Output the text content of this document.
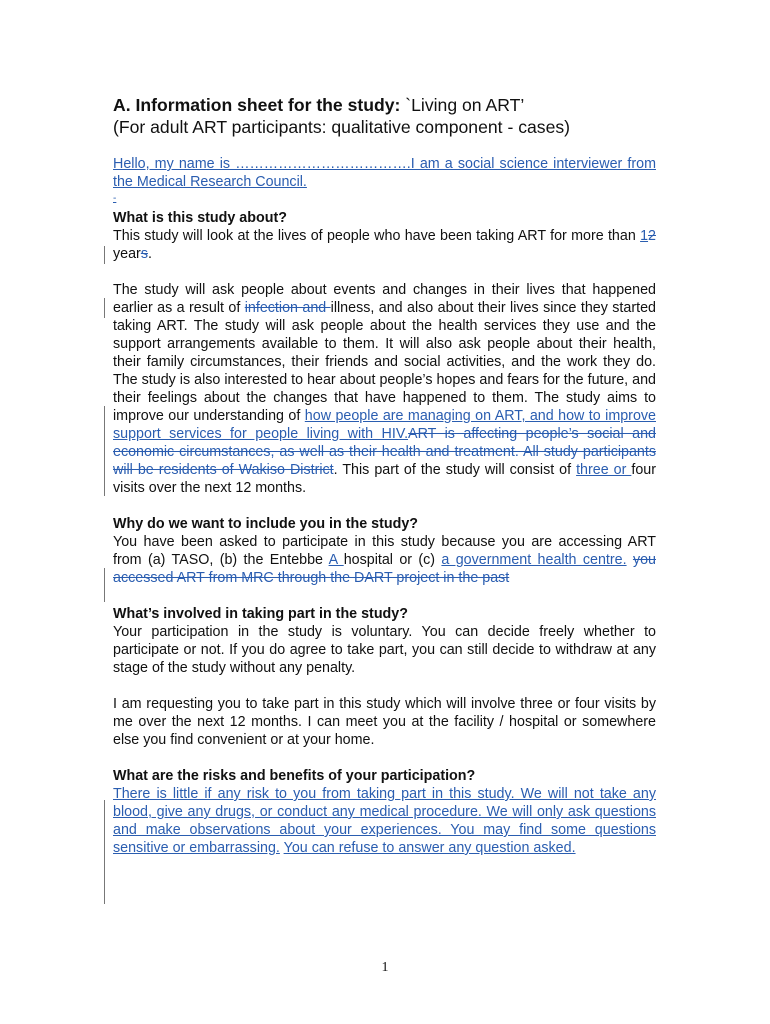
A. Information sheet for the study: `Living on ART’

(For adult ART participants: qualitative component - cases)

Hello, my name is ……………………………….I am a social science interviewer from the Medical Research Council.

-

What is this study about?

This study will look at the lives of people who have been taking ART for more than 12 years.

The study will ask people about events and changes in their lives that happened earlier as a result of infection and illness, and also about their lives since they started taking ART. The study will ask people about the health services they use and the support arrangements available to them. It will also ask people about their health, their family circumstances, their friends and social activities, and the work they do. The study is also interested to hear about people’s hopes and fears for the future, and their feelings about the changes that have happened to them. The study aims to improve our understanding of how people are managing on ART, and how to improve support services for people living with HIV.ART is affecting people’s social and economic circumstances, as well as their health and treatment. All study participants will be residents of Wakiso District. This part of the study will consist of three or four visits over the next 12 months.

Why do we want to include you in the study?

You have been asked to participate in this study because you are accessing ART from (a) TASO, (b) the Entebbe A hospital or (c) a government health centre. you accessed ART from MRC through the DART project in the past

What’s involved in taking part in the study?

Your participation in the study is voluntary. You can decide freely whether to participate or not. If you do agree to take part, you can still decide to withdraw at any stage of the study without any penalty.

I am requesting you to take part in this study which will involve three or four visits by me over the next 12 months. I can meet you at the facility / hospital or somewhere else you find convenient or at your home.

What are the risks and benefits of your participation?

There is little if any risk to you from taking part in this study. We will not take any blood, give any drugs, or conduct any medical procedure. We will only ask questions and make observations about your experiences. You may find some questions sensitive or embarrassing. You can refuse to answer any question asked.

1
